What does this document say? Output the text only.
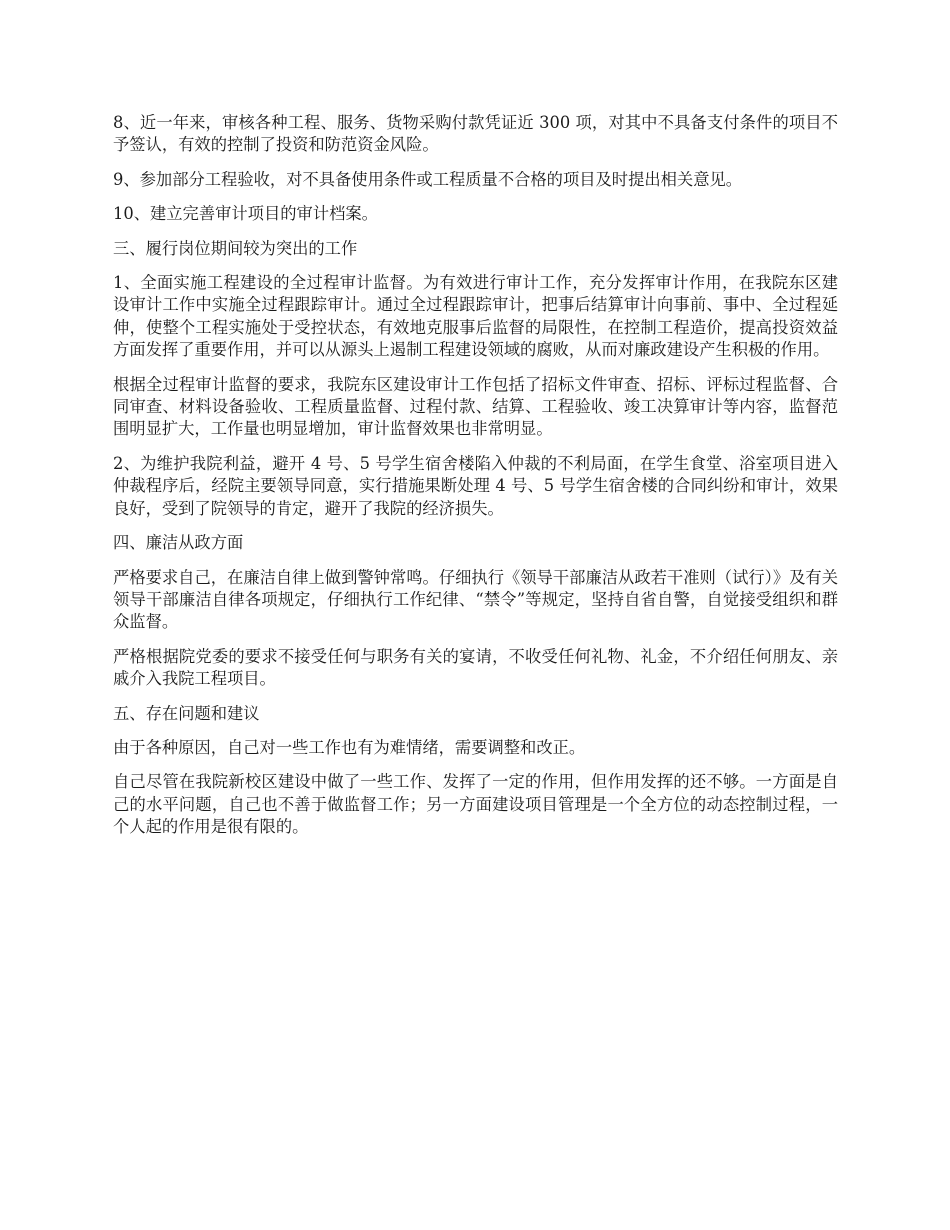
8、近一年来，审核各种工程、服务、货物采购付款凭证近 300 项，对其中不具备支付条件的项目不予签认，有效的控制了投资和防范资金风险。

9、参加部分工程验收，对不具备使用条件或工程质量不合格的项目及时提出相关意见。

10、建立完善审计项目的审计档案。

三、履行岗位期间较为突出的工作

1、全面实施工程建设的全过程审计监督。为有效进行审计工作，充分发挥审计作用，在我院东区建设审计工作中实施全过程跟踪审计。通过全过程跟踪审计，把事后结算审计向事前、事中、全过程延伸，使整个工程实施处于受控状态，有效地克服事后监督的局限性，在控制工程造价，提高投资效益方面发挥了重要作用，并可以从源头上遏制工程建设领域的腐败，从而对廉政建设产生积极的作用。

根据全过程审计监督的要求，我院东区建设审计工作包括了招标文件审查、招标、评标过程监督、合同审查、材料设备验收、工程质量监督、过程付款、结算、工程验收、竣工决算审计等内容，监督范围明显扩大，工作量也明显增加，审计监督效果也非常明显。

2、为维护我院利益，避开 4 号、5 号学生宿舍楼陷入仲裁的不利局面，在学生食堂、浴室项目进入仲裁程序后，经院主要领导同意，实行措施果断处理 4 号、5 号学生宿舍楼的合同纠纷和审计，效果良好，受到了院领导的肯定，避开了我院的经济损失。

四、廉洁从政方面

严格要求自己，在廉洁自律上做到警钟常鸣。仔细执行《领导干部廉洁从政若干准则（试行）》及有关领导干部廉洁自律各项规定，仔细执行工作纪律、“禁令”等规定，坚持自省自警，自觉接受组织和群众监督。

严格根据院党委的要求不接受任何与职务有关的宴请，不收受任何礼物、礼金，不介绍任何朋友、亲戚介入我院工程项目。

五、存在问题和建议

由于各种原因，自己对一些工作也有为难情绪，需要调整和改正。

自己尽管在我院新校区建设中做了一些工作、发挥了一定的作用，但作用发挥的还不够。一方面是自己的水平问题，自己也不善于做监督工作；另一方面建设项目管理是一个全方位的动态控制过程，一个人起的作用是很有限的。
